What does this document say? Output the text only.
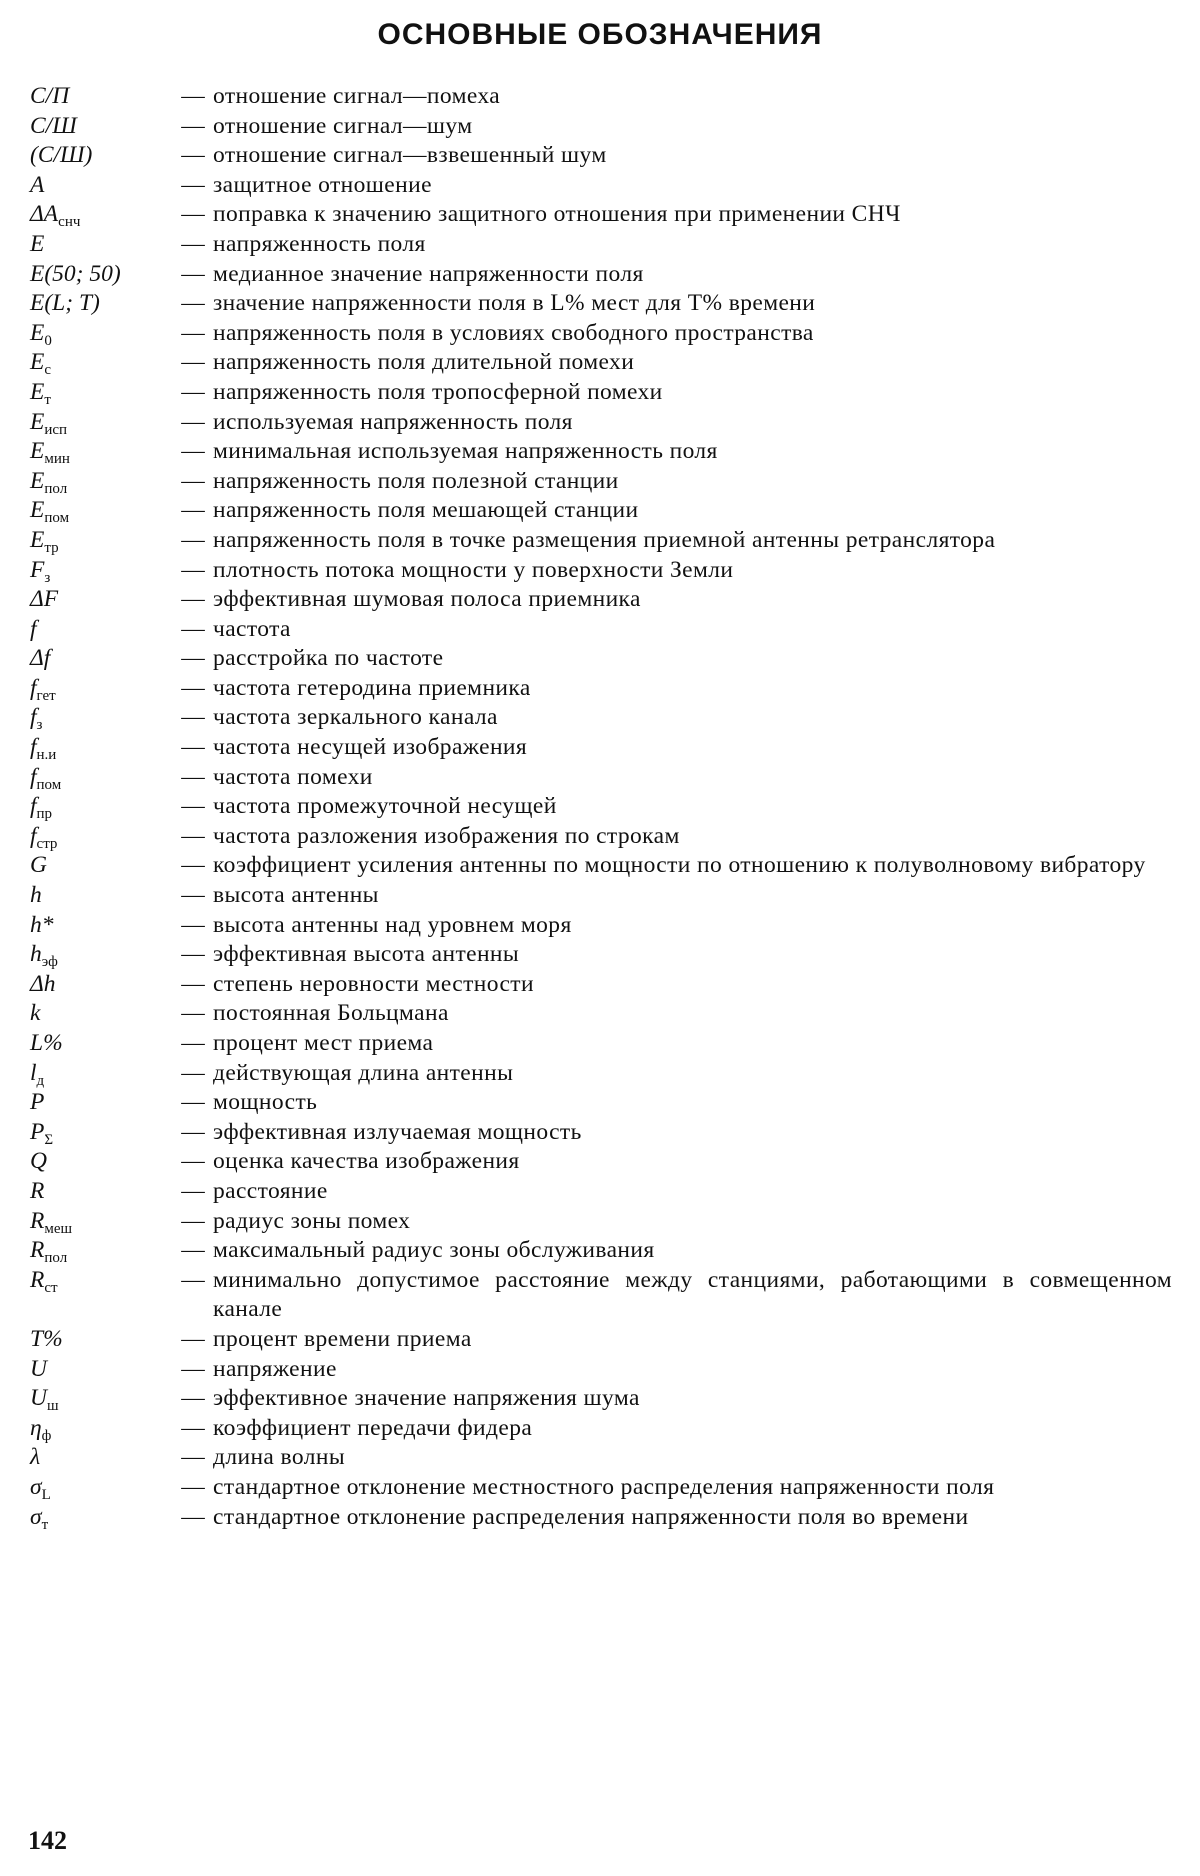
ОСНОВНЫЕ ОБОЗНАЧЕНИЯ
С/П	— отношение сигнал—помеха
С/Ш	— отношение сигнал—шум
(С/Ш)	— отношение сигнал—взвешенный шум
A	— защитное отношение
$\Delta A_{снч}$	— поправка к значению защитного отношения при применении СНЧ
E	— напряженность поля
E(50; 50)	— медианное значение напряженности поля
E(L; T)	— значение напряженности поля в L% мест для T% времени
$E_0$	— напряженность поля в условиях свободного пространства
$E_с$	— напряженность поля длительной помехи
$E_т$	— напряженность поля тропосферной помехи
$E_{исп}$	— используемая напряженность поля
$E_{мин}$	— минимальная используемая напряженность поля
$E_{пол}$	— напряженность поля полезной станции
$E_{пом}$	— напряженность поля мешающей станции
$E_{тр}$	— напряженность поля в точке размещения приемной антенны ретранслятора
$F_з$	— плотность потока мощности у поверхности Земли
ΔF	— эффективная шумовая полоса приемника
f	— частота
Δf	— расстройка по частоте
$f_{гет}$	— частота гетеродина приемника
$f_з$	— частота зеркального канала
$f_{н.и}$	— частота несущей изображения
$f_{пом}$	— частота помехи
$f_{пр}$	— частота промежуточной несущей
$f_{стр}$	— частота разложения изображения по строкам
G	— коэффициент усиления антенны по мощности по отношению к полуволновому вибратору
h	— высота антенны
h*	— высота антенны над уровнем моря
$h_{эф}$	— эффективная высота антенны
Δh	— степень неровности местности
k	— постоянная Больцмана
L%	— процент мест приема
$l_д$	— действующая длина антенны
P	— мощность
$P_\Sigma$	— эффективная излучаемая мощность
Q	— оценка качества изображения
R	— расстояние
$R_{меш}$	— радиус зоны помех
$R_{пол}$	— максимальный радиус зоны обслуживания
$R_{ст}$	— минимально допустимое расстояние между станциями, работающими в совмещенном канале
T%	— процент времени приема
U	— напряжение
$U_ш$	— эффективное значение напряжения шума
$\eta_ф$	— коэффициент передачи фидера
λ	— длина волны
$\sigma_L$	— стандартное отклонение местностного распределения напряженности поля
$\sigma_т$	— стандартное отклонение распределения напряженности поля во времени
142
